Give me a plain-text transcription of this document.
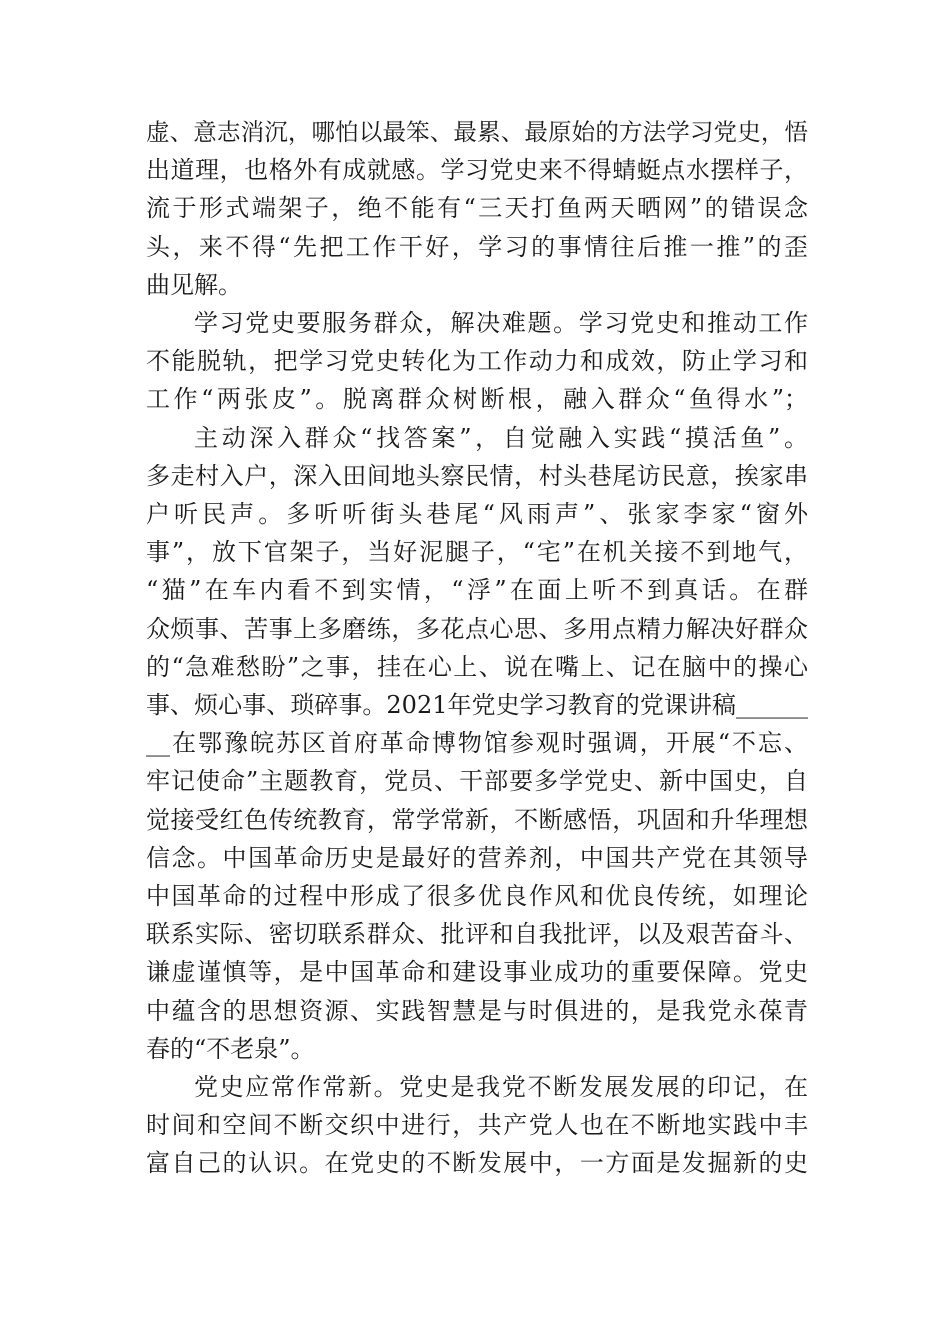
虚、意志消沉，哪怕以最笨、最累、最原始的方法学习党史，悟
出道理，也格外有成就感。学习党史来不得蜻蜓点水摆样子，
流于形式端架子，绝不能有“三天打鱼两天晒网”的错误念
头，来不得“先把工作干好，学习的事情往后推一推”的歪
曲见解。
学习党史要服务群众，解决难题。学习党史和推动工作
不能脱轨，把学习党史转化为工作动力和成效，防止学习和
工作“两张皮”。脱离群众树断根，融入群众“鱼得水”；
主动深入群众“找答案”，自觉融入实践“摸活鱼”。
多走村入户，深入田间地头察民情，村头巷尾访民意，挨家串
户听民声。多听听街头巷尾“风雨声”、张家李家“窗外
事”，放下官架子，当好泥腿子，“宅”在机关接不到地气，
“猫”在车内看不到实情，“浮”在面上听不到真话。在群
众烦事、苦事上多磨练，多花点心思、多用点精力解决好群众
的“急难愁盼”之事，挂在心上、说在嘴上、记在脑中的操心
事、烦心事、琐碎事。2021年党史学习教育的党课讲稿______
__在鄂豫皖苏区首府革命博物馆参观时强调，开展“不忘、
牢记使命”主题教育，党员、干部要多学党史、新中国史，自
觉接受红色传统教育，常学常新，不断感悟，巩固和升华理想
信念。中国革命历史是最好的营养剂，中国共产党在其领导
中国革命的过程中形成了很多优良作风和优良传统，如理论
联系实际、密切联系群众、批评和自我批评，以及艰苦奋斗、
谦虚谨慎等，是中国革命和建设事业成功的重要保障。党史
中蕴含的思想资源、实践智慧是与时俱进的，是我党永葆青
春的“不老泉”。
党史应常作常新。党史是我党不断发展发展的印记，在
时间和空间不断交织中进行，共产党人也在不断地实践中丰
富自己的认识。在党史的不断发展中，一方面是发掘新的史
